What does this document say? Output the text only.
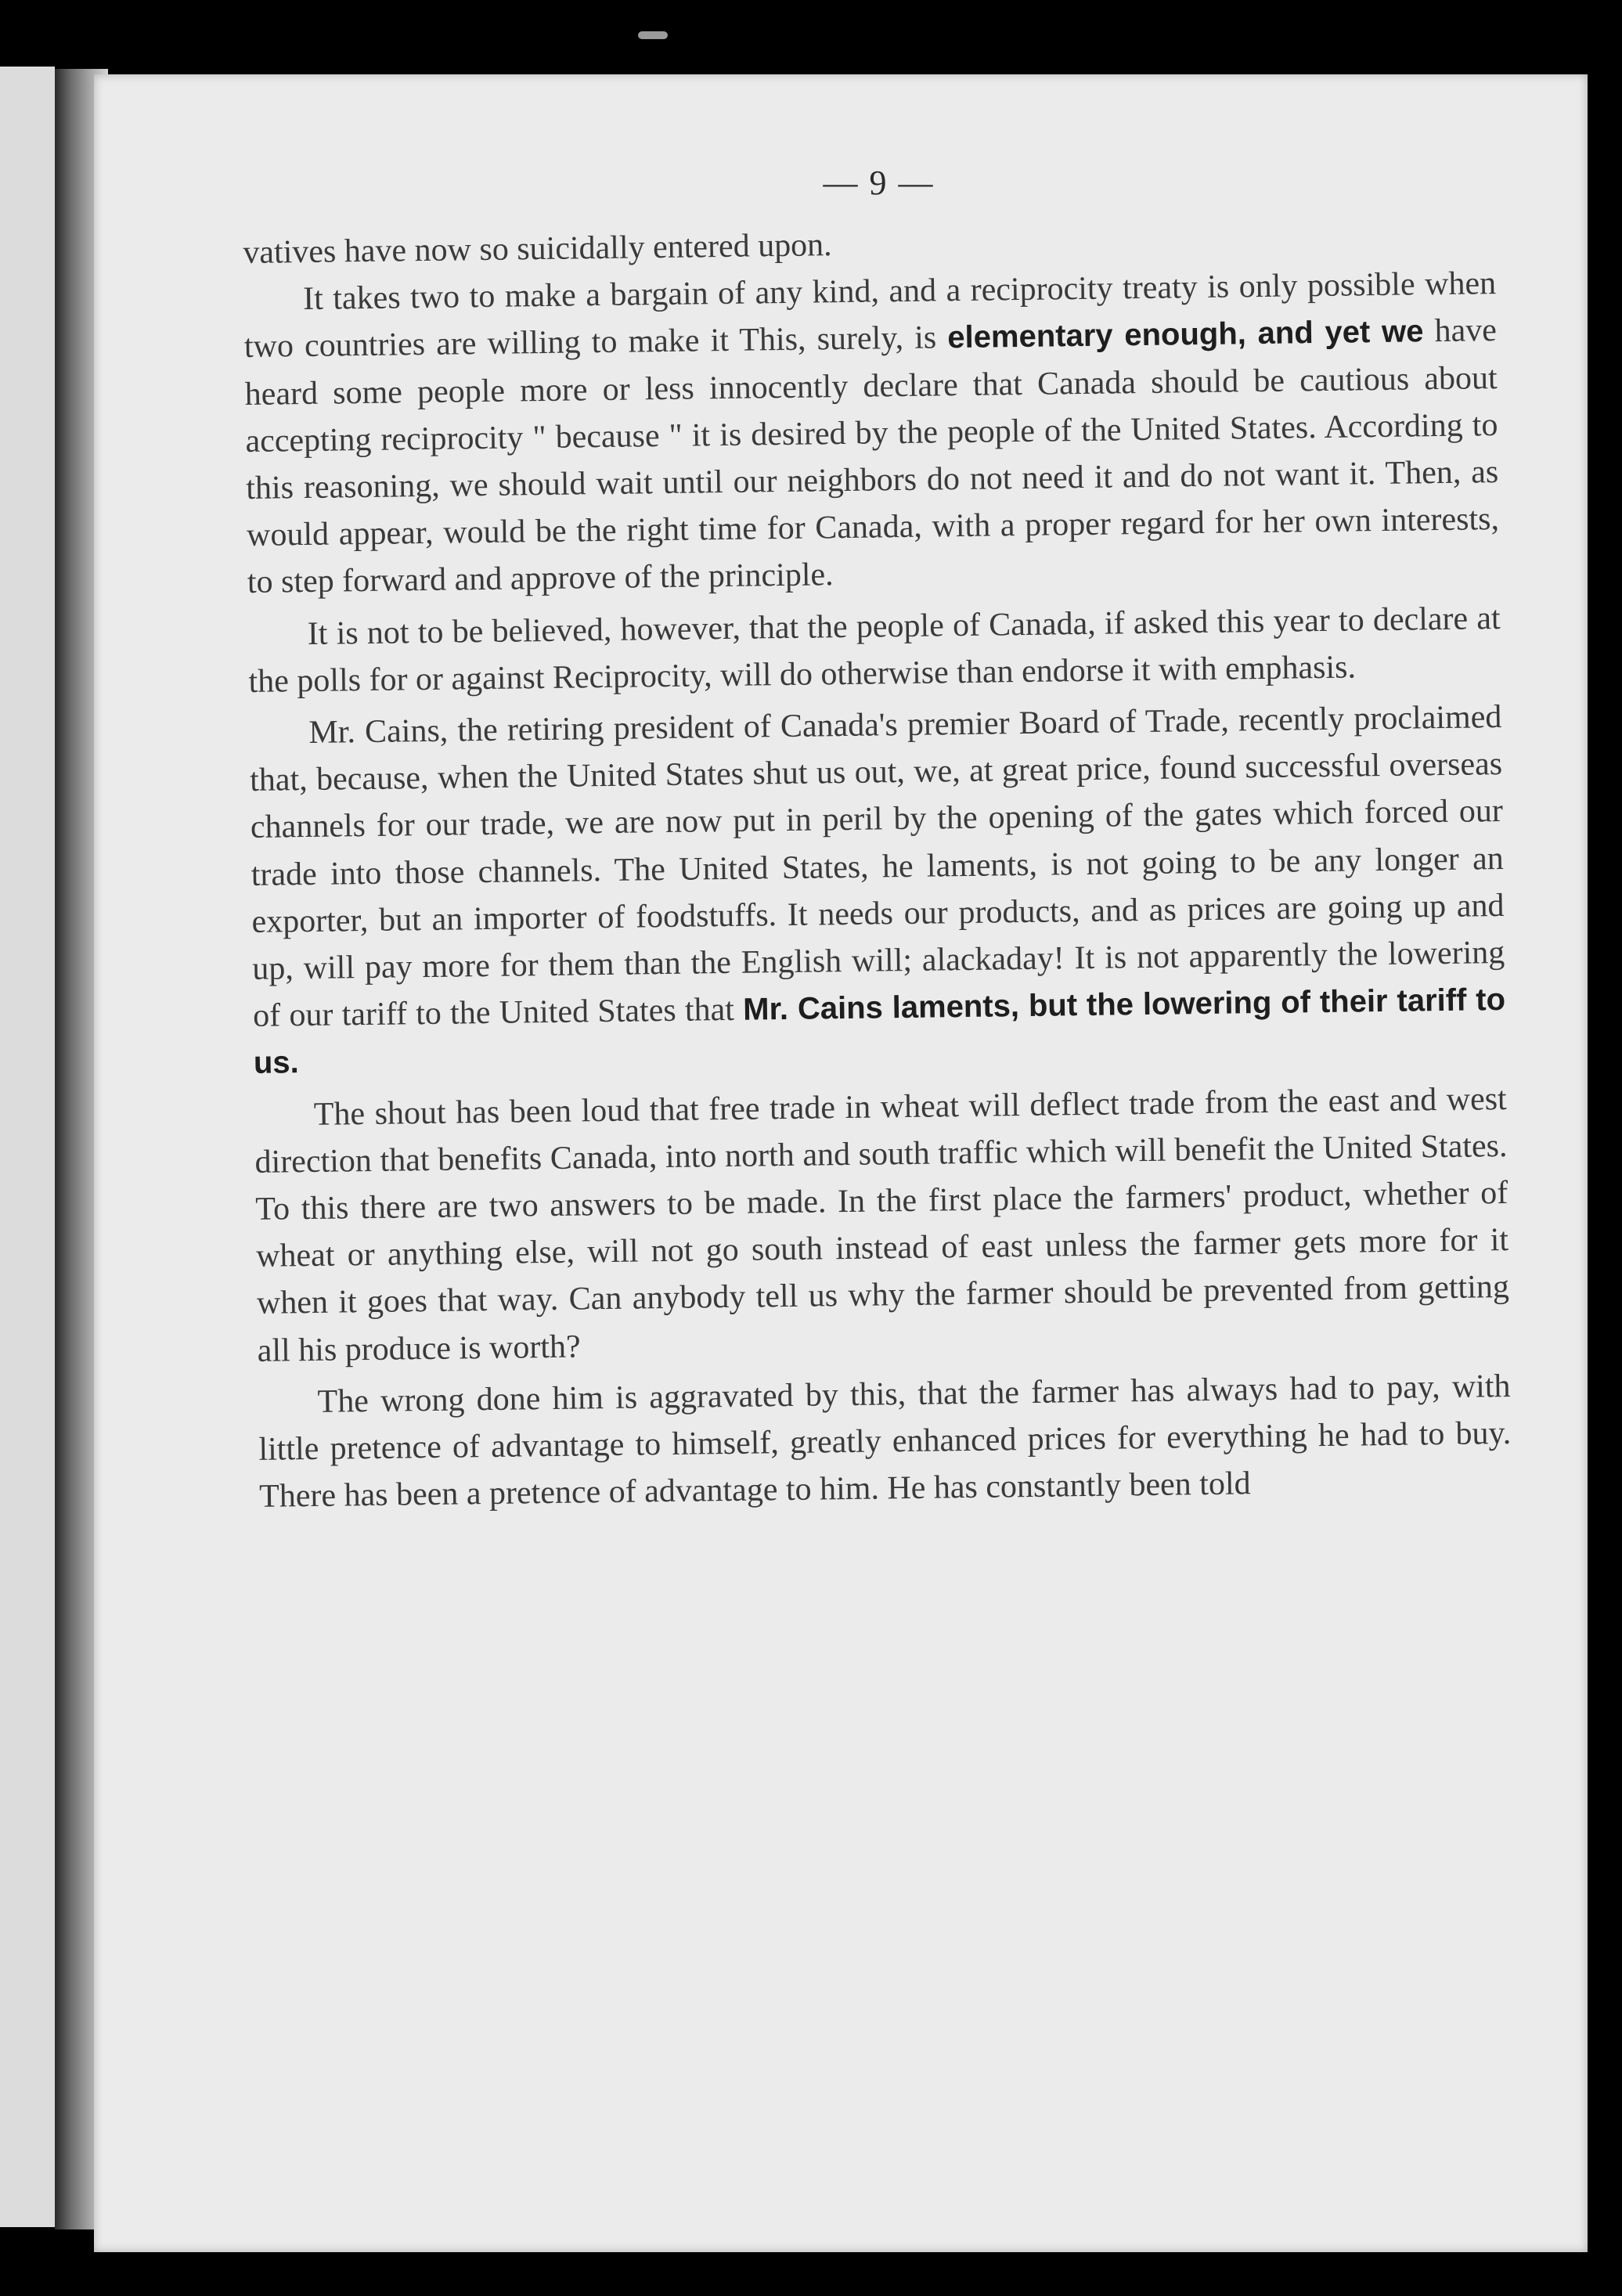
— 9 —

vatives have now so suicidally entered upon.

It takes two to make a bargain of any kind, and a reciprocity treaty is only possible when two countries are willing to make it This, surely, is elementary enough, and yet we have heard some people more or less innocently declare that Canada should be cautious about accepting reciprocity " because " it is desired by the people of the United States. According to this reasoning, we should wait until our neighbors do not need it and do not want it. Then, as would appear, would be the right time for Canada, with a proper regard for her own interests, to step forward and approve of the principle.

It is not to be believed, however, that the people of Canada, if asked this year to declare at the polls for or against Reciprocity, will do otherwise than endorse it with emphasis.

Mr. Cains, the retiring president of Canada's premier Board of Trade, recently proclaimed that, because, when the United States shut us out, we, at great price, found successful overseas channels for our trade, we are now put in peril by the opening of the gates which forced our trade into those channels. The United States, he laments, is not going to be any longer an exporter, but an importer of foodstuffs. It needs our products, and as prices are going up and up, will pay more for them than the English will; alackaday! It is not apparently the lowering of our tariff to the United States that Mr. Cains laments, but the lowering of their tariff to us.

The shout has been loud that free trade in wheat will deflect trade from the east and west direction that benefits Canada, into north and south traffic which will benefit the United States. To this there are two answers to be made. In the first place the farmers' product, whether of wheat or anything else, will not go south instead of east unless the farmer gets more for it when it goes that way. Can anybody tell us why the farmer should be prevented from getting all his produce is worth?

The wrong done him is aggravated by this, that the farmer has always had to pay, with little pretence of advantage to himself, greatly enhanced prices for everything he had to buy. There has been a pretence of advantage to him. He has constantly been told
